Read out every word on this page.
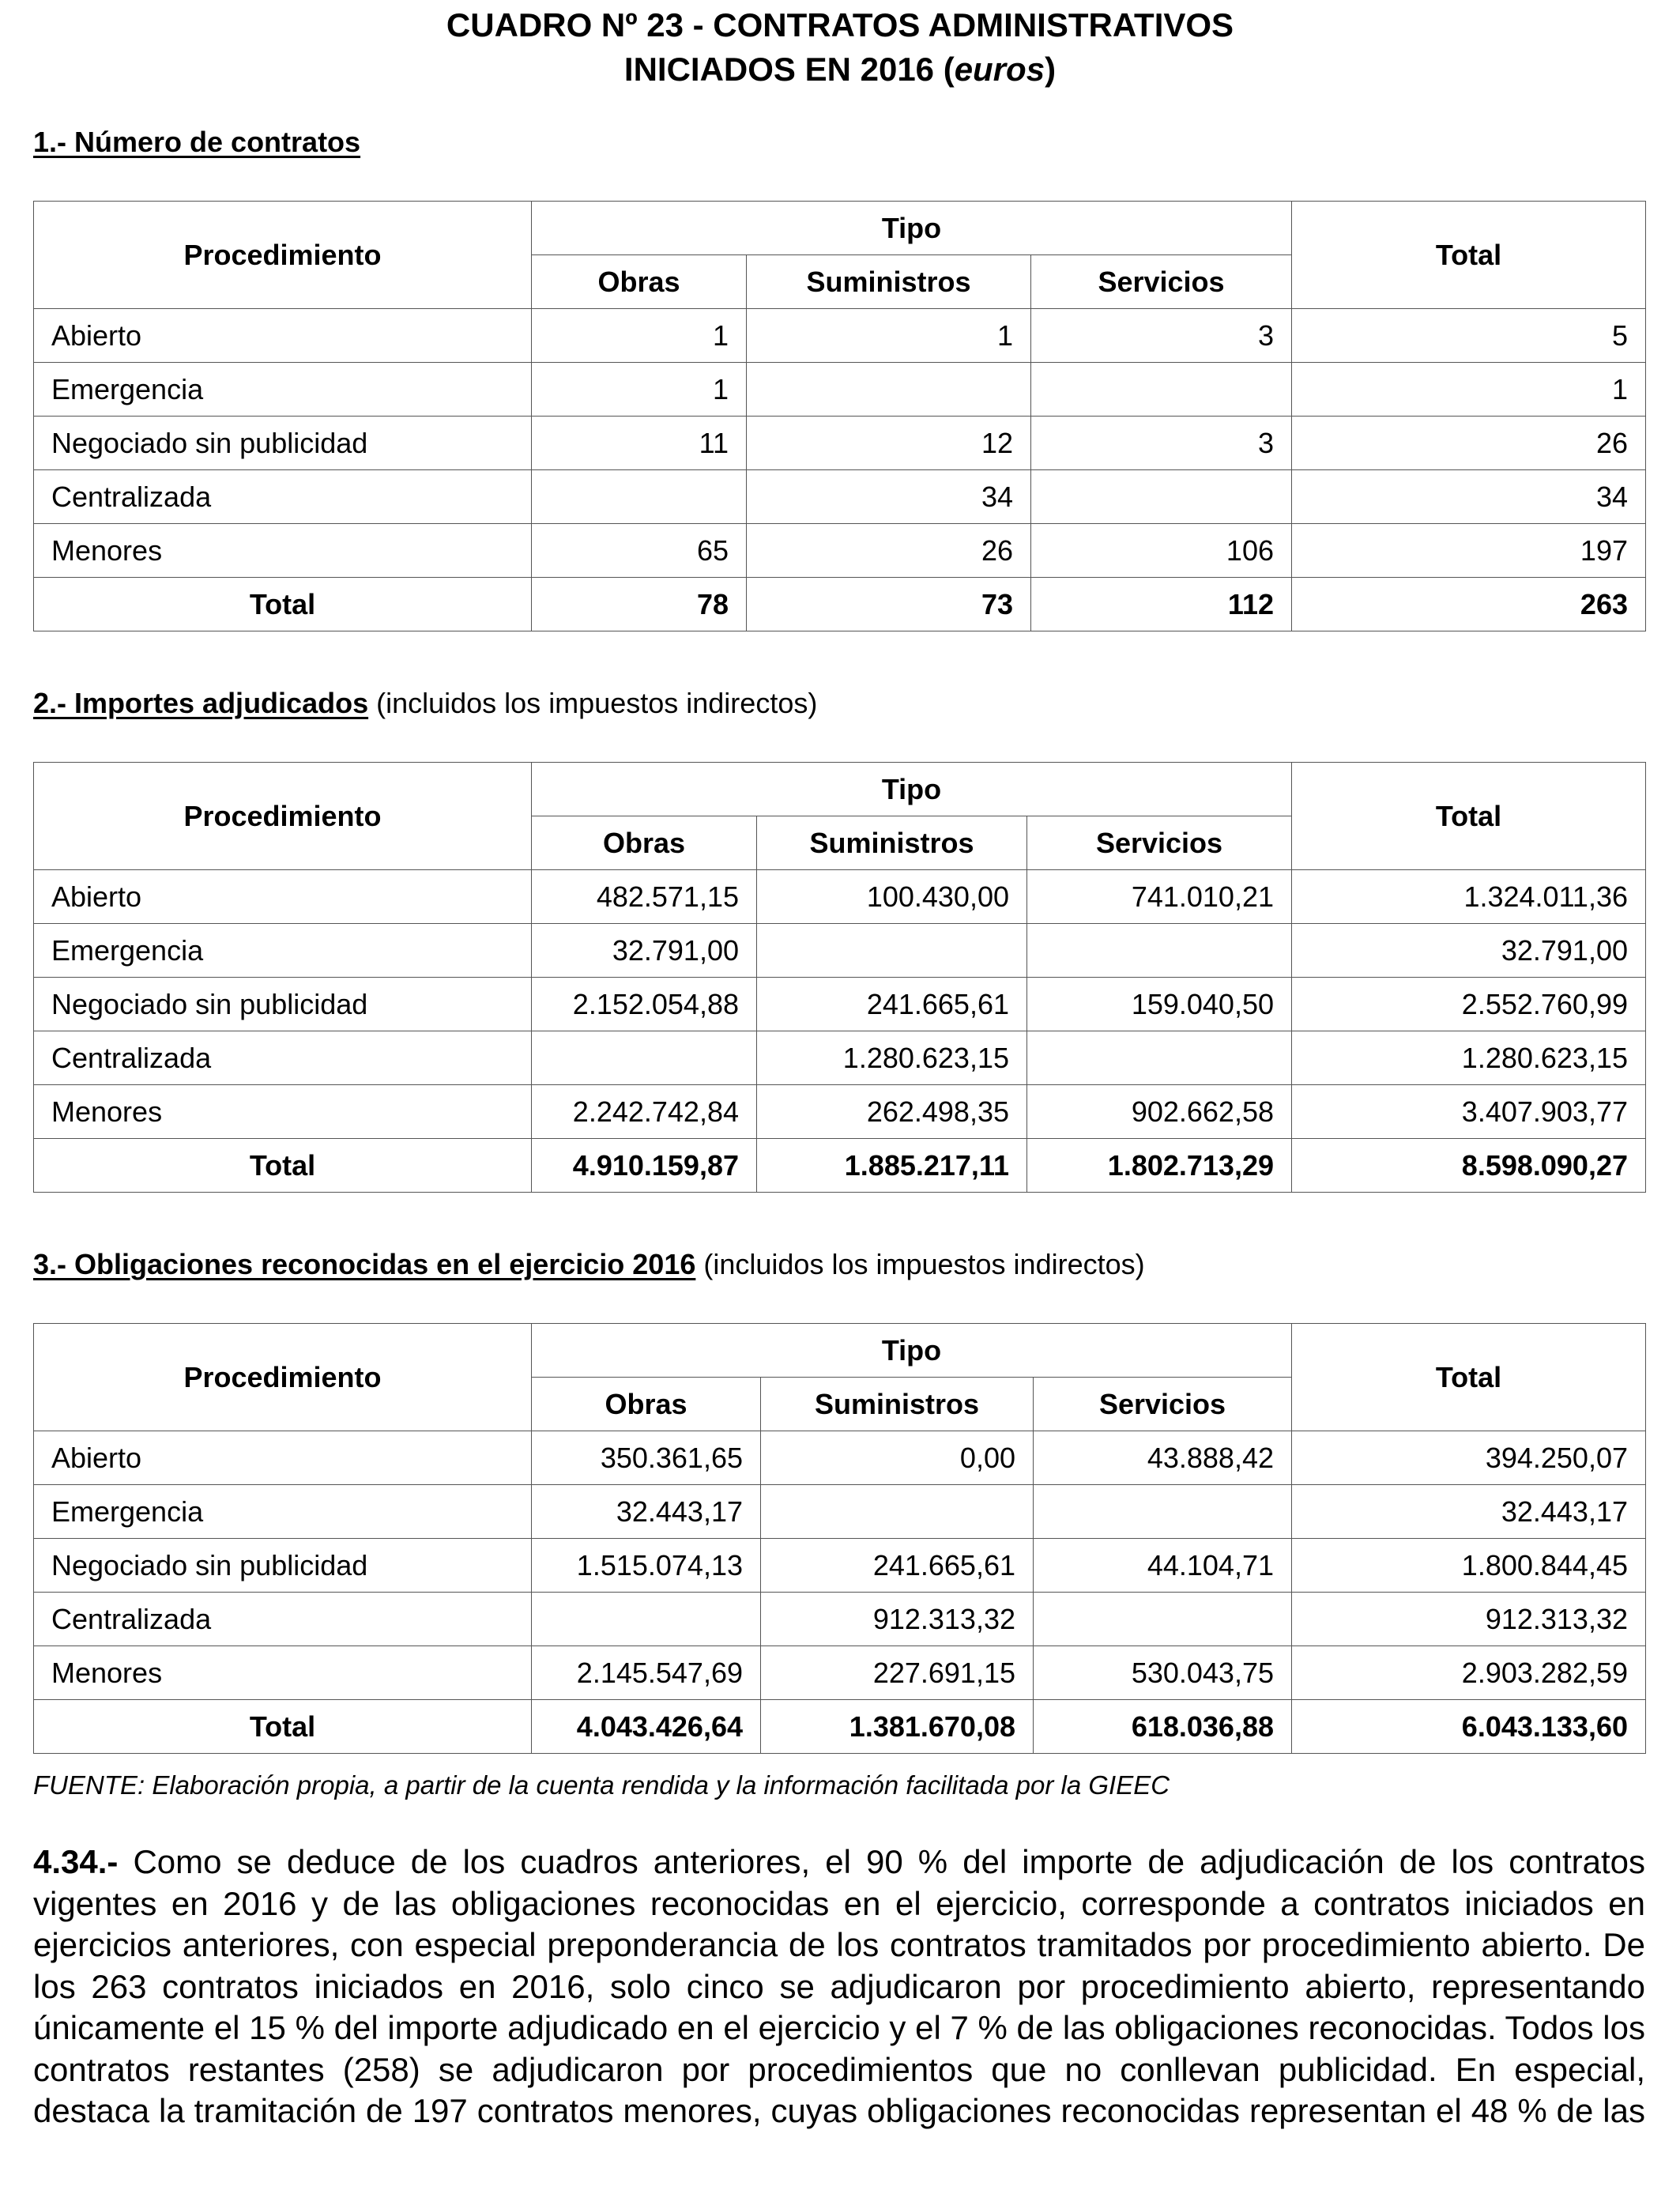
CUADRO Nº 23 - CONTRATOS ADMINISTRATIVOS
INICIADOS EN 2016 (euros)
1.- Número de contratos
Procedimiento	Tipo			Total
	Obras	Suministros	Servicios	
Abierto	1	1	3	5
Emergencia	1			1
Negociado sin publicidad	11	12	3	26
Centralizada		34		34
Menores	65	26	106	197
Total	78	73	112	263
2.- Importes adjudicados (incluidos los impuestos indirectos)
Procedimiento	Tipo			Total
	Obras	Suministros	Servicios	
Abierto	482.571,15	100.430,00	741.010,21	1.324.011,36
Emergencia	32.791,00			32.791,00
Negociado sin publicidad	2.152.054,88	241.665,61	159.040,50	2.552.760,99
Centralizada		1.280.623,15		1.280.623,15
Menores	2.242.742,84	262.498,35	902.662,58	3.407.903,77
Total	4.910.159,87	1.885.217,11	1.802.713,29	8.598.090,27
3.- Obligaciones reconocidas en el ejercicio 2016 (incluidos los impuestos indirectos)
Procedimiento	Tipo			Total
	Obras	Suministros	Servicios	
Abierto	350.361,65	0,00	43.888,42	394.250,07
Emergencia	32.443,17			32.443,17
Negociado sin publicidad	1.515.074,13	241.665,61	44.104,71	1.800.844,45
Centralizada		912.313,32		912.313,32
Menores	2.145.547,69	227.691,15	530.043,75	2.903.282,59
Total	4.043.426,64	1.381.670,08	618.036,88	6.043.133,60
FUENTE: Elaboración propia, a partir de la cuenta rendida y la información facilitada por la GIEEC
4.34.- Como se deduce de los cuadros anteriores, el 90 % del importe de adjudicación de los contratos vigentes en 2016 y de las obligaciones reconocidas en el ejercicio, corresponde a contratos iniciados en ejercicios anteriores, con especial preponderancia de los contratos tramitados por procedimiento abierto. De los 263 contratos iniciados en 2016, solo cinco se adjudicaron por procedimiento abierto, representando únicamente el 15 % del importe adjudicado en el ejercicio y el 7 % de las obligaciones reconocidas. Todos los contratos restantes (258) se adjudicaron por procedimientos que no conllevan publicidad. En especial, destaca la tramitación de 197 contratos menores, cuyas obligaciones reconocidas representan el 48 % de las
